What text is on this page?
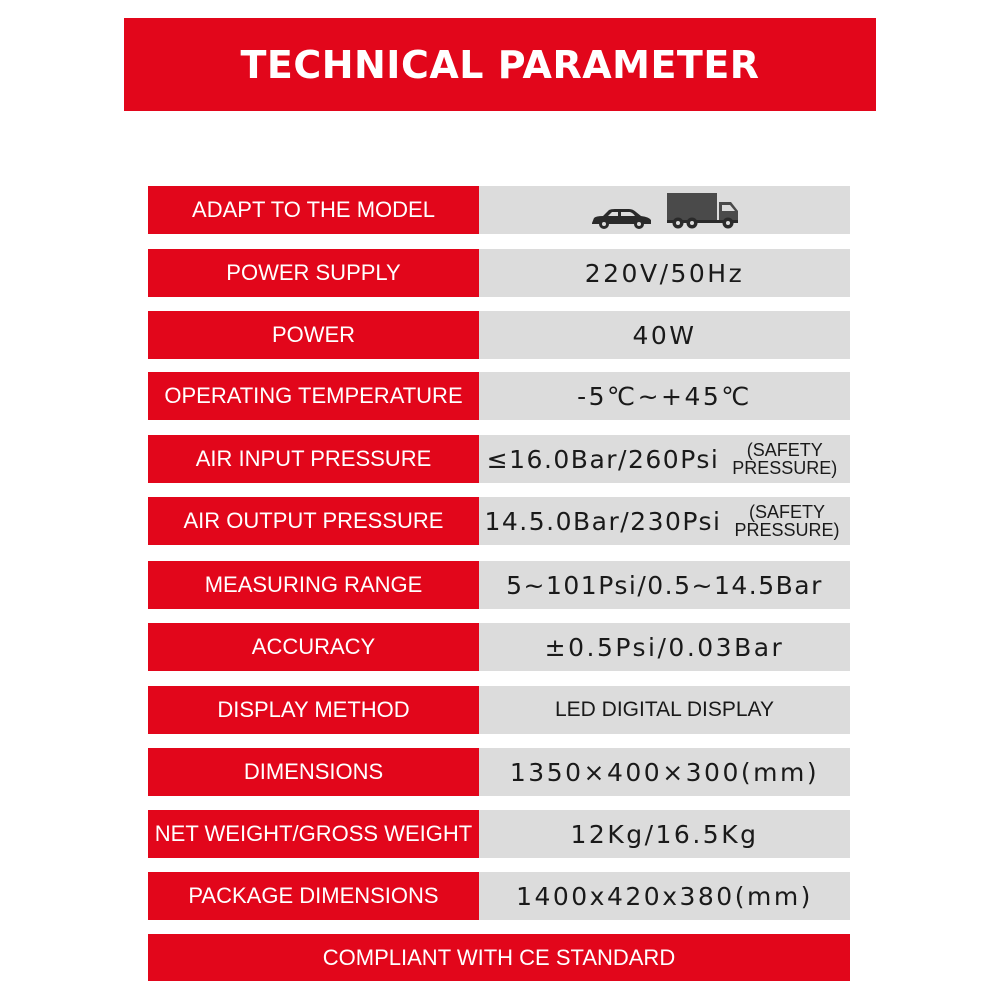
TECHNICAL PARAMETER
ADAPT TO THE MODEL
POWER SUPPLY	220V/50Hz
POWER	40W
OPERATING TEMPERATURE	-5℃~+45℃
AIR INPUT PRESSURE	≤16.0Bar/260Psi	(SAFETY PRESSURE)
AIR OUTPUT PRESSURE	14.5.0Bar/230Psi	(SAFETY PRESSURE)
MEASURING RANGE	5~101Psi/0.5~14.5Bar
ACCURACY	±0.5Psi/0.03Bar
DISPLAY METHOD	LED DIGITAL DISPLAY
DIMENSIONS	1350×400×300(mm)
NET WEIGHT/GROSS WEIGHT	12Kg/16.5Kg
PACKAGE DIMENSIONS	1400x420x380(mm)
COMPLIANT WITH CE STANDARD
